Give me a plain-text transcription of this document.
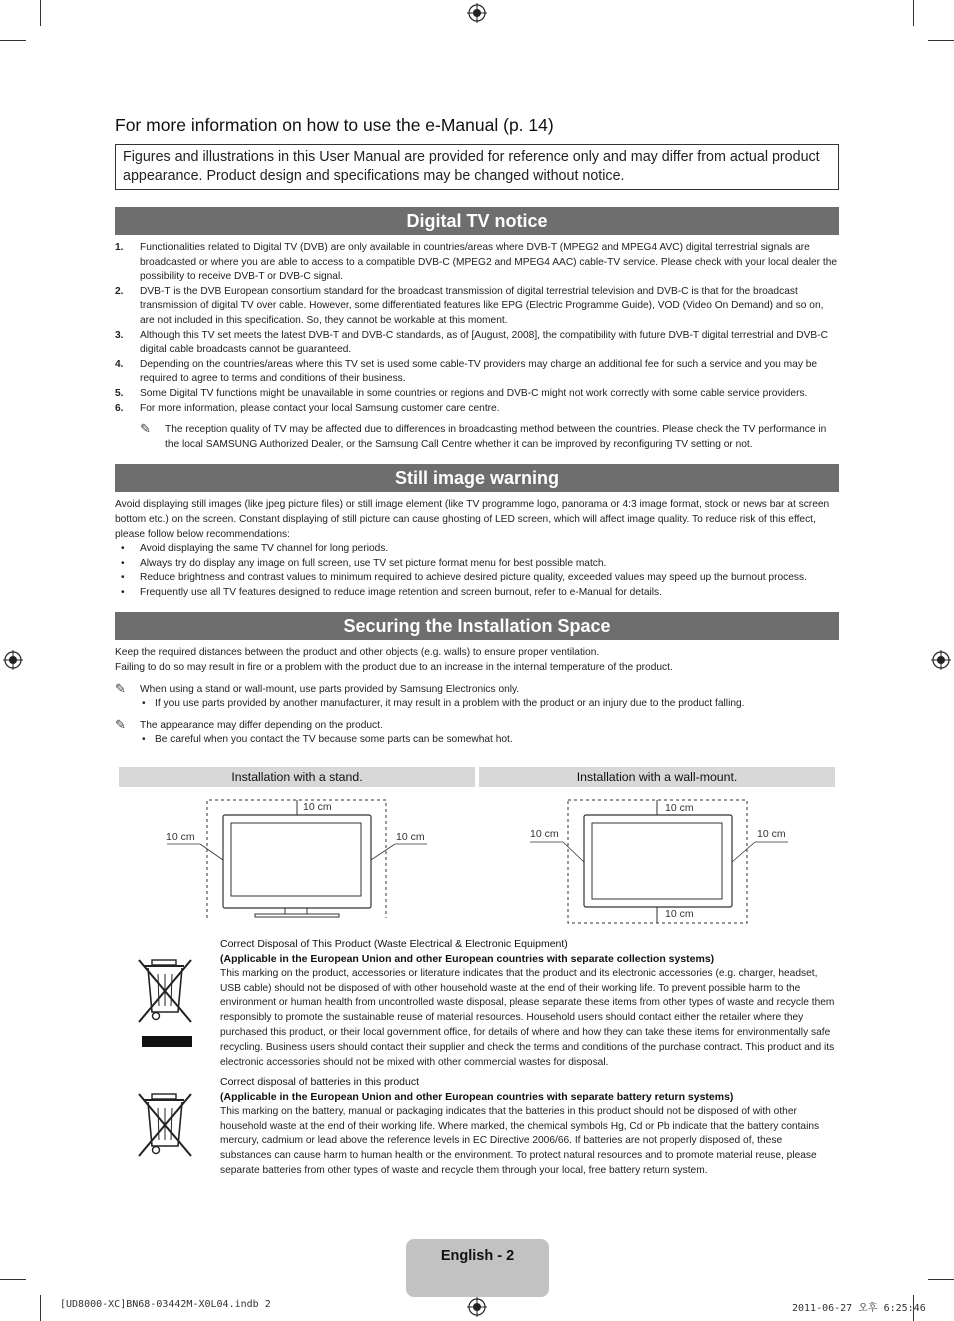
For more information on how to use the e-Manual (p. 14)
Figures and illustrations in this User Manual are provided for reference only and may differ from actual product appearance. Product design and specifications may be changed without notice.
Digital TV notice
1. Functionalities related to Digital TV (DVB) are only available in countries/areas where DVB-T (MPEG2 and MPEG4 AVC) digital terrestrial signals are broadcasted or where you are able to access to a compatible DVB-C (MPEG2 and MPEG4 AAC) cable-TV service. Please check with your local dealer the possibility to receive DVB-T or DVB-C signal.
2. DVB-T is the DVB European consortium standard for the broadcast transmission of digital terrestrial television and DVB-C is that for the broadcast transmission of digital TV over cable. However, some differentiated features like EPG (Electric Programme Guide), VOD (Video On Demand) and so on, are not included in this specification. So, they cannot be workable at this moment.
3. Although this TV set meets the latest DVB-T and DVB-C standards, as of [August, 2008], the compatibility with future DVB-T digital terrestrial and DVB-C digital cable broadcasts cannot be guaranteed.
4. Depending on the countries/areas where this TV set is used some cable-TV providers may charge an additional fee for such a service and you may be required to agree to terms and conditions of their business.
5. Some Digital TV functions might be unavailable in some countries or regions and DVB-C might not work correctly with some cable service providers.
6. For more information, please contact your local Samsung customer care centre.
✎ The reception quality of TV may be affected due to differences in broadcasting method between the countries. Please check the TV performance in the local SAMSUNG Authorized Dealer, or the Samsung Call Centre whether it can be improved by reconfiguring TV setting or not.
Still image warning
Avoid displaying still images (like jpeg picture files) or still image element (like TV programme logo, panorama or 4:3 image format, stock or news bar at screen bottom etc.) on the screen. Constant displaying of still picture can cause ghosting of LED screen, which will affect image quality. To reduce risk of this effect, please follow below recommendations:
• Avoid displaying the same TV channel for long periods.
• Always try do display any image on full screen, use TV set picture format menu for best possible match.
• Reduce brightness and contrast values to minimum required to achieve desired picture quality, exceeded values may speed up the burnout process.
• Frequently use all TV features designed to reduce image retention and screen burnout, refer to e-Manual for details.
Securing the Installation Space
Keep the required distances between the product and other objects (e.g. walls) to ensure proper ventilation.
Failing to do so may result in fire or a problem with the product due to an increase in the internal temperature of the product.
✎ When using a stand or wall-mount, use parts provided by Samsung Electronics only.
• If you use parts provided by another manufacturer, it may result in a problem with the product or an injury due to the product falling.
✎ The appearance may differ depending on the product.
• Be careful when you contact the TV because some parts can be somewhat hot.
Installation with a stand.	Installation with a wall-mount.
10 cm
10 cm	10 cm
10 cm
10 cm	10 cm
10 cm
Correct Disposal of This Product (Waste Electrical & Electronic Equipment)
(Applicable in the European Union and other European countries with separate collection systems)
This marking on the product, accessories or literature indicates that the product and its electronic accessories (e.g. charger, headset, USB cable) should not be disposed of with other household waste at the end of their working life. To prevent possible harm to the environment or human health from uncontrolled waste disposal, please separate these items from other types of waste and recycle them responsibly to promote the sustainable reuse of material resources. Household users should contact either the retailer where they purchased this product, or their local government office, for details of where and how they can take these items for environmentally safe recycling. Business users should contact their supplier and check the terms and conditions of the purchase contract. This product and its electronic accessories should not be mixed with other commercial wastes for disposal.
Correct disposal of batteries in this product
(Applicable in the European Union and other European countries with separate battery return systems)
This marking on the battery, manual or packaging indicates that the batteries in this product should not be disposed of with other household waste at the end of their working life. Where marked, the chemical symbols Hg, Cd or Pb indicate that the battery contains mercury, cadmium or lead above the reference levels in EC Directive 2006/66. If batteries are not properly disposed of, these substances can cause harm to human health or the environment. To protect natural resources and to promote material reuse, please separate batteries from other types of waste and recycle them through your local, free battery return system.
English - 2
[UD8000-XC]BN68-03442M-X0L04.indb 2	2011-06-27 오후 6:25:46
